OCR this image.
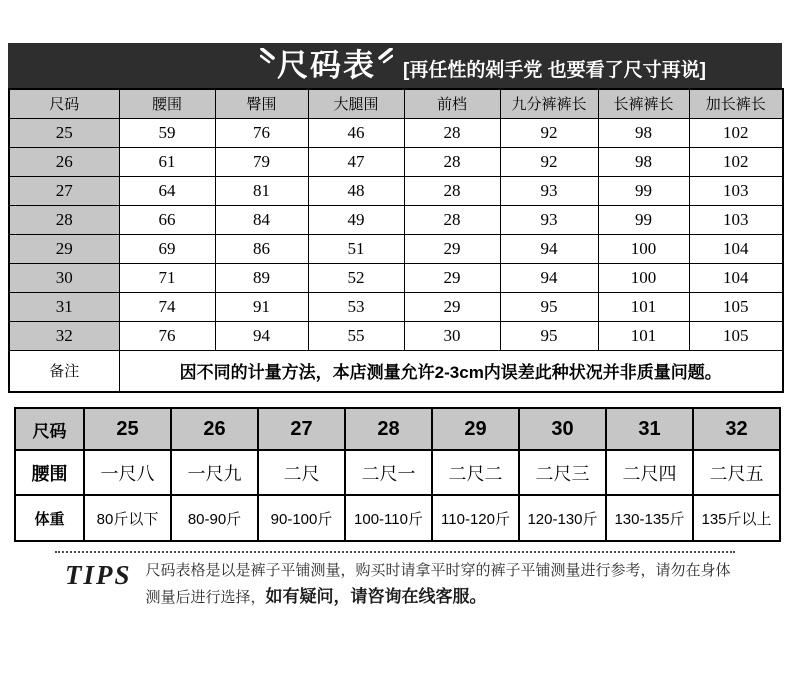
尺码表 [再任性的剁手党 也要看了尺寸再说]
尺码	腰围	臀围	大腿围	前档	九分裤裤长	长裤裤长	加长裤长
25	59	76	46	28	92	98	102
26	61	79	47	28	92	98	102
27	64	81	48	28	93	99	103
28	66	84	49	28	93	99	103
29	69	86	51	29	94	100	104
30	71	89	52	29	94	100	104
31	74	91	53	29	95	101	105
32	76	94	55	30	95	101	105
备注	因不同的计量方法，本店测量允许2-3cm内误差此种状况并非质量问题。						
尺码	25	26	27	28	29	30	31	32
腰围	一尺八	一尺九	二尺	二尺一	二尺二	二尺三	二尺四	二尺五
体重	80斤以下	80-90斤	90-100斤	100-110斤	110-120斤	120-130斤	130-135斤	135斤以上
TIPS 尺码表格是以是裤子平铺测量，购买时请拿平时穿的裤子平铺测量进行参考，请勿在身体测量后进行选择，如有疑问，请咨询在线客服。
